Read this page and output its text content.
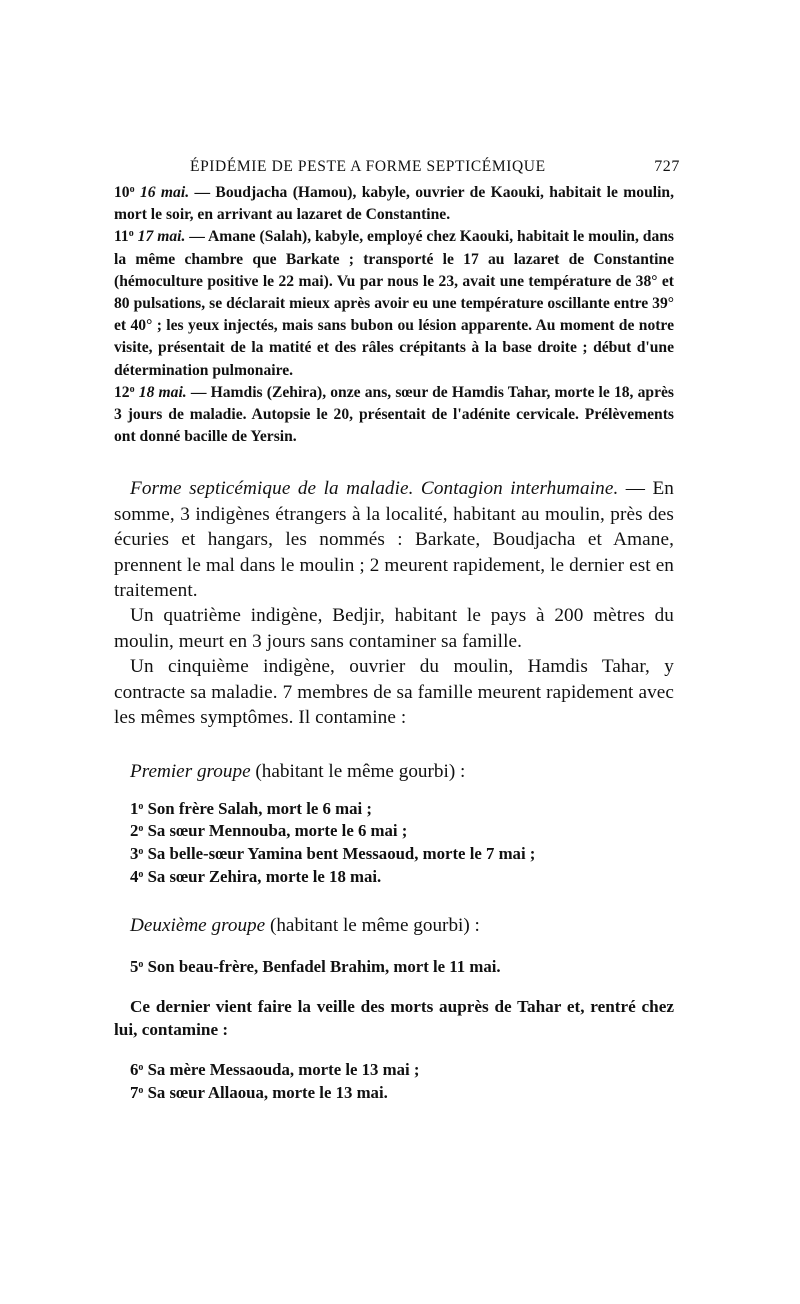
ÉPIDÉMIE DE PESTE A FORME SEPTICÉMIQUE	727

10$^o$ 16 mai. — Boudjacha (Hamou), kabyle, ouvrier de Kaouki, habitait le moulin, mort le soir, en arrivant au lazaret de Constantine.

11$^o$ 17 mai. — Amane (Salah), kabyle, employé chez Kaouki, habitait le moulin, dans la même chambre que Barkate ; transporté le 17 au lazaret de Constantine (hémoculture positive le 22 mai). Vu par nous le 23, avait une température de 38° et 80 pulsations, se déclarait mieux après avoir eu une température oscillante entre 39° et 40° ; les yeux injectés, mais sans bubon ou lésion apparente. Au moment de notre visite, présentait de la matité et des râles crépitants à la base droite ; début d'une détermination pulmonaire.

12$^o$ 18 mai. — Hamdis (Zehira), onze ans, sœur de Hamdis Tahar, morte le 18, après 3 jours de maladie. Autopsie le 20, présentait de l'adénite cervicale. Prélèvements ont donné bacille de Yersin.

Forme septicémique de la maladie. Contagion interhumaine. — En somme, 3 indigènes étrangers à la localité, habitant au moulin, près des écuries et hangars, les nommés : Barkate, Boudjacha et Amane, prennent le mal dans le moulin ; 2 meurent rapidement, le dernier est en traitement.

Un quatrième indigène, Bedjir, habitant le pays à 200 mètres du moulin, meurt en 3 jours sans contaminer sa famille.

Un cinquième indigène, ouvrier du moulin, Hamdis Tahar, y contracte sa maladie. 7 membres de sa famille meurent rapidement avec les mêmes symptômes. Il contamine :

Premier groupe (habitant le même gourbi) :

1$^o$ Son frère Salah, mort le 6 mai ;
2$^o$ Sa sœur Mennouba, morte le 6 mai ;
3$^o$ Sa belle-sœur Yamina bent Messaoud, morte le 7 mai ;
4$^o$ Sa sœur Zehira, morte le 18 mai.

Deuxième groupe (habitant le même gourbi) :

5$^o$ Son beau-frère, Benfadel Brahim, mort le 11 mai.

Ce dernier vient faire la veille des morts auprès de Tahar et, rentré chez lui, contamine :

6$^o$ Sa mère Messaouda, morte le 13 mai ;
7$^o$ Sa sœur Allaoua, morte le 13 mai.
